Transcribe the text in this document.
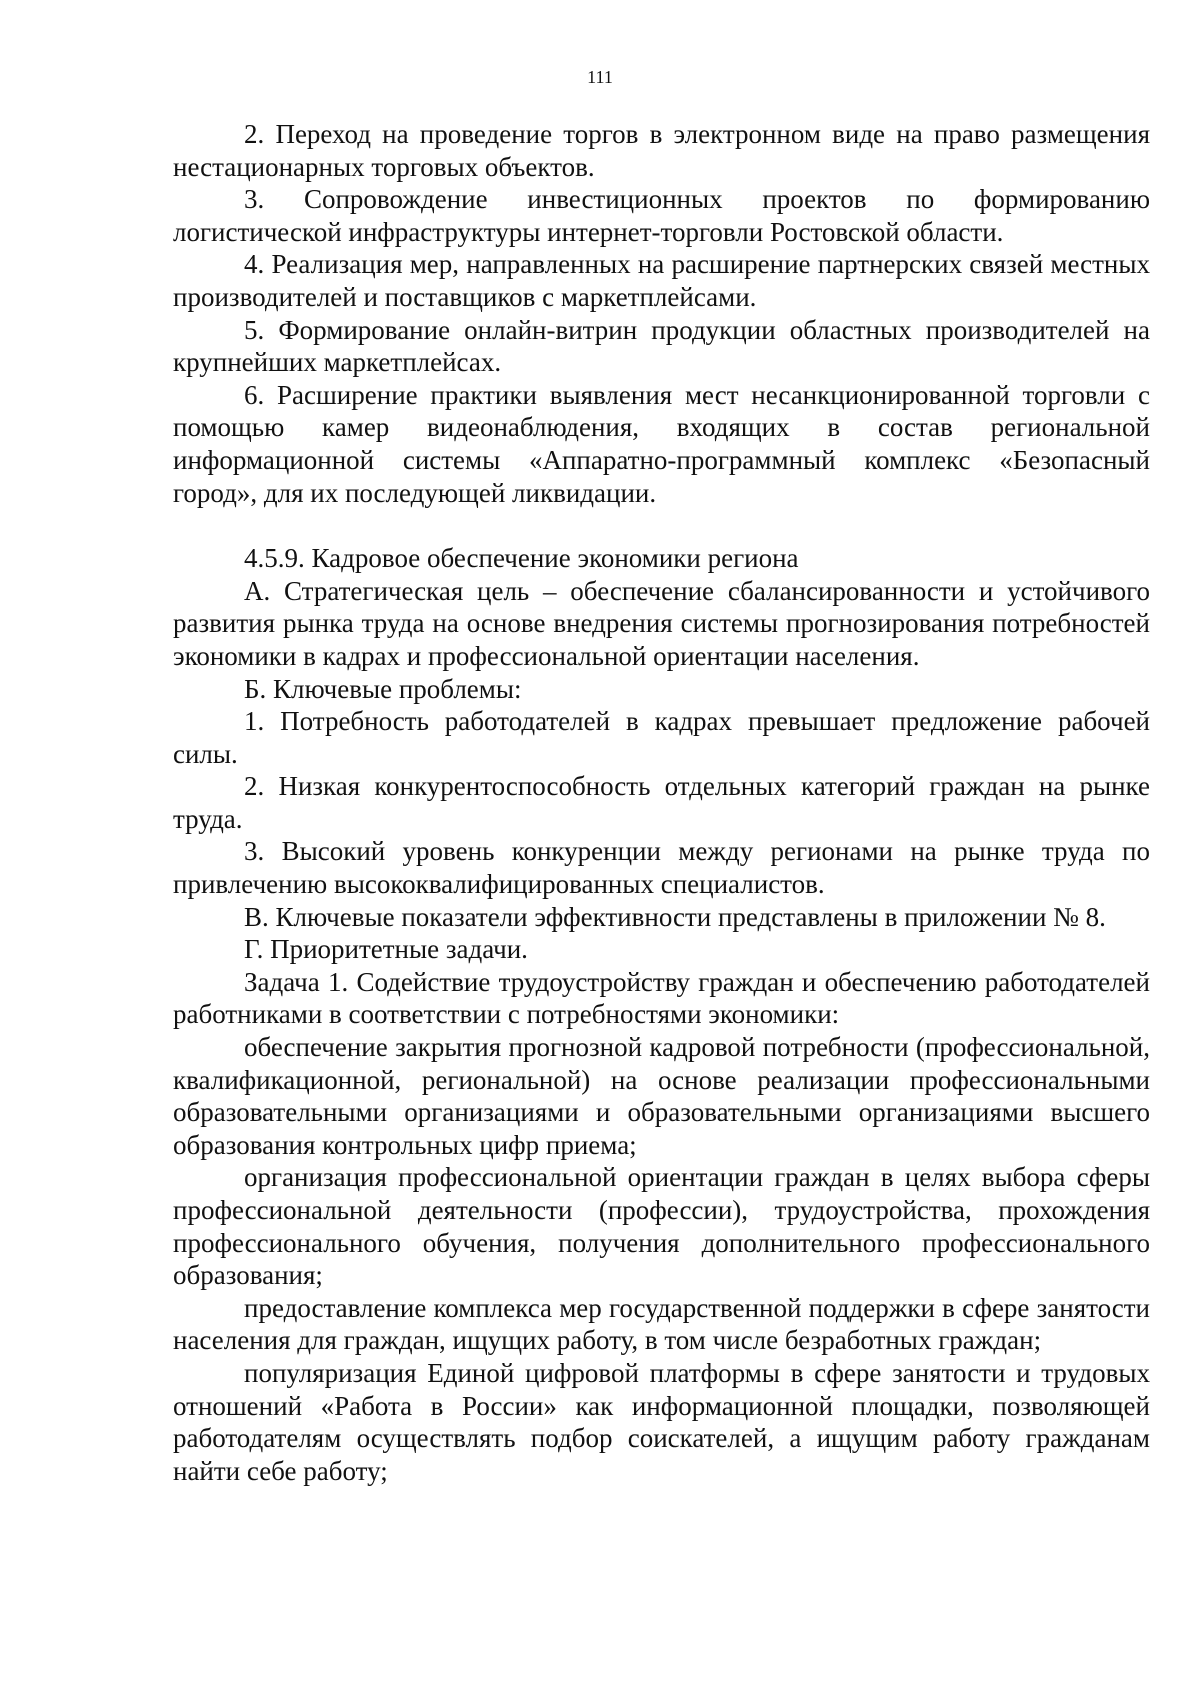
111

2. Переход на проведение торгов в электронном виде на право размещения нестационарных торговых объектов.

3. Сопровождение инвестиционных проектов по формированию логистической инфраструктуры интернет-торговли Ростовской области.

4. Реализация мер, направленных на расширение партнерских связей местных производителей и поставщиков с маркетплейсами.

5. Формирование онлайн-витрин продукции областных производителей на крупнейших маркетплейсах.

6. Расширение практики выявления мест несанкционированной торговли с помощью камер видеонаблюдения, входящих в состав региональной информационной системы «Аппаратно-программный комплекс «Безопасный город», для их последующей ликвидации.

4.5.9. Кадровое обеспечение экономики региона

А. Стратегическая цель – обеспечение сбалансированности и устойчивого развития рынка труда на основе внедрения системы прогнозирования потребностей экономики в кадрах и профессиональной ориентации населения.

Б. Ключевые проблемы:

1. Потребность работодателей в кадрах превышает предложение рабочей силы.

2. Низкая конкурентоспособность отдельных категорий граждан на рынке труда.

3. Высокий уровень конкуренции между регионами на рынке труда по привлечению высококвалифицированных специалистов.

В. Ключевые показатели эффективности представлены в приложении № 8.

Г. Приоритетные задачи.

Задача 1. Содействие трудоустройству граждан и обеспечению работодателей работниками в соответствии с потребностями экономики:

обеспечение закрытия прогнозной кадровой потребности (профессиональной, квалификационной, региональной) на основе реализации профессиональными образовательными организациями и образовательными организациями высшего образования контрольных цифр приема;

организация профессиональной ориентации граждан в целях выбора сферы профессиональной деятельности (профессии), трудоустройства, прохождения профессионального обучения, получения дополнительного профессионального образования;

предоставление комплекса мер государственной поддержки в сфере занятости населения для граждан, ищущих работу, в том числе безработных граждан;

популяризация Единой цифровой платформы в сфере занятости и трудовых отношений «Работа в России» как информационной площадки, позволяющей работодателям осуществлять подбор соискателей, а ищущим работу гражданам найти себе работу;
